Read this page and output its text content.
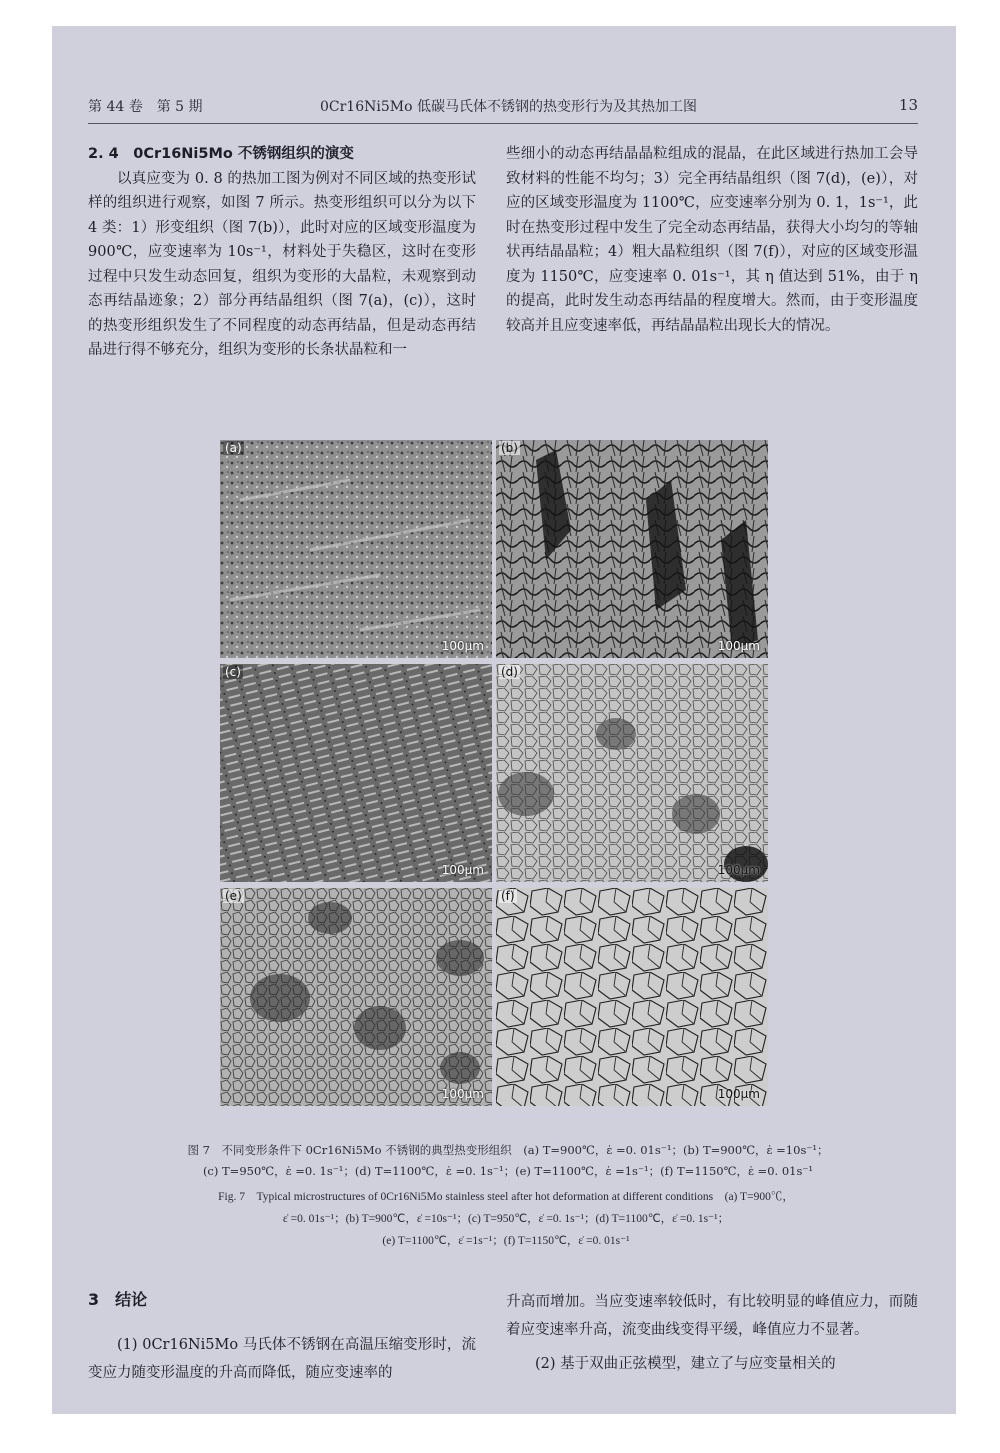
第 44 卷　第 5 期	0Cr16Ni5Mo 低碳马氏体不锈钢的热变形行为及其热加工图	13

2. 4　0Cr16Ni5Mo 不锈钢组织的演变

以真应变为 0. 8 的热加工图为例对不同区域的热变形试样的组织进行观察，如图 7 所示。热变形组织可以分为以下 4 类：1）形变组织（图 7(b)），此时对应的区域变形温度为 900℃，应变速率为 10s⁻¹，材料处于失稳区，这时在变形过程中只发生动态回复，组织为变形的大晶粒，未观察到动态再结晶迹象；2）部分再结晶组织（图 7(a)，(c)），这时的热变形组织发生了不同程度的动态再结晶，但是动态再结晶进行得不够充分，组织为变形的长条状晶粒和一

些细小的动态再结晶晶粒组成的混晶，在此区域进行热加工会导致材料的性能不均匀；3）完全再结晶组织（图 7(d)，(e)），对应的区域变形温度为 1100℃，应变速率分别为 0. 1，1s⁻¹，此时在热变形过程中发生了完全动态再结晶，获得大小均匀的等轴状再结晶晶粒；4）粗大晶粒组织（图 7(f)），对应的区域变形温度为 1150℃，应变速率 0. 01s⁻¹，其 η 值达到 51%，由于 η 的提高，此时发生动态再结晶的程度增大。然而，由于变形温度较高并且应变速率低，再结晶晶粒出现长大的情况。

(a)
100μm
(b)
100μm
(c)
100μm
(d)
100μm
(e)
100μm
(f)
100μm
图 7　不同变形条件下 0Cr16Ni5Mo 不锈钢的典型热变形组织　(a) T=900℃，ε̇ =0. 01s⁻¹；(b) T=900℃，ε̇ =10s⁻¹；
(c) T=950℃，ε̇ =0. 1s⁻¹；(d) T=1100℃，ε̇ =0. 1s⁻¹；(e) T=1100℃，ε̇ =1s⁻¹；(f) T=1150℃，ε̇ =0. 01s⁻¹
Fig. 7　Typical microstructures of 0Cr16Ni5Mo stainless steel after hot deformation at different conditions　(a) T=900℃，
ε̇ =0. 01s⁻¹；(b) T=900℃，ε̇ =10s⁻¹；(c) T=950℃，ε̇ =0. 1s⁻¹；(d) T=1100℃，ε̇ =0. 1s⁻¹；
(e) T=1100℃，ε̇ =1s⁻¹；(f) T=1150℃，ε̇ =0. 01s⁻¹

3　结论

(1) 0Cr16Ni5Mo 马氏体不锈钢在高温压缩变形时，流变应力随变形温度的升高而降低，随应变速率的

升高而增加。当应变速率较低时，有比较明显的峰值应力，而随着应变速率升高，流变曲线变得平缓，峰值应力不显著。

(2) 基于双曲正弦模型，建立了与应变量相关的
